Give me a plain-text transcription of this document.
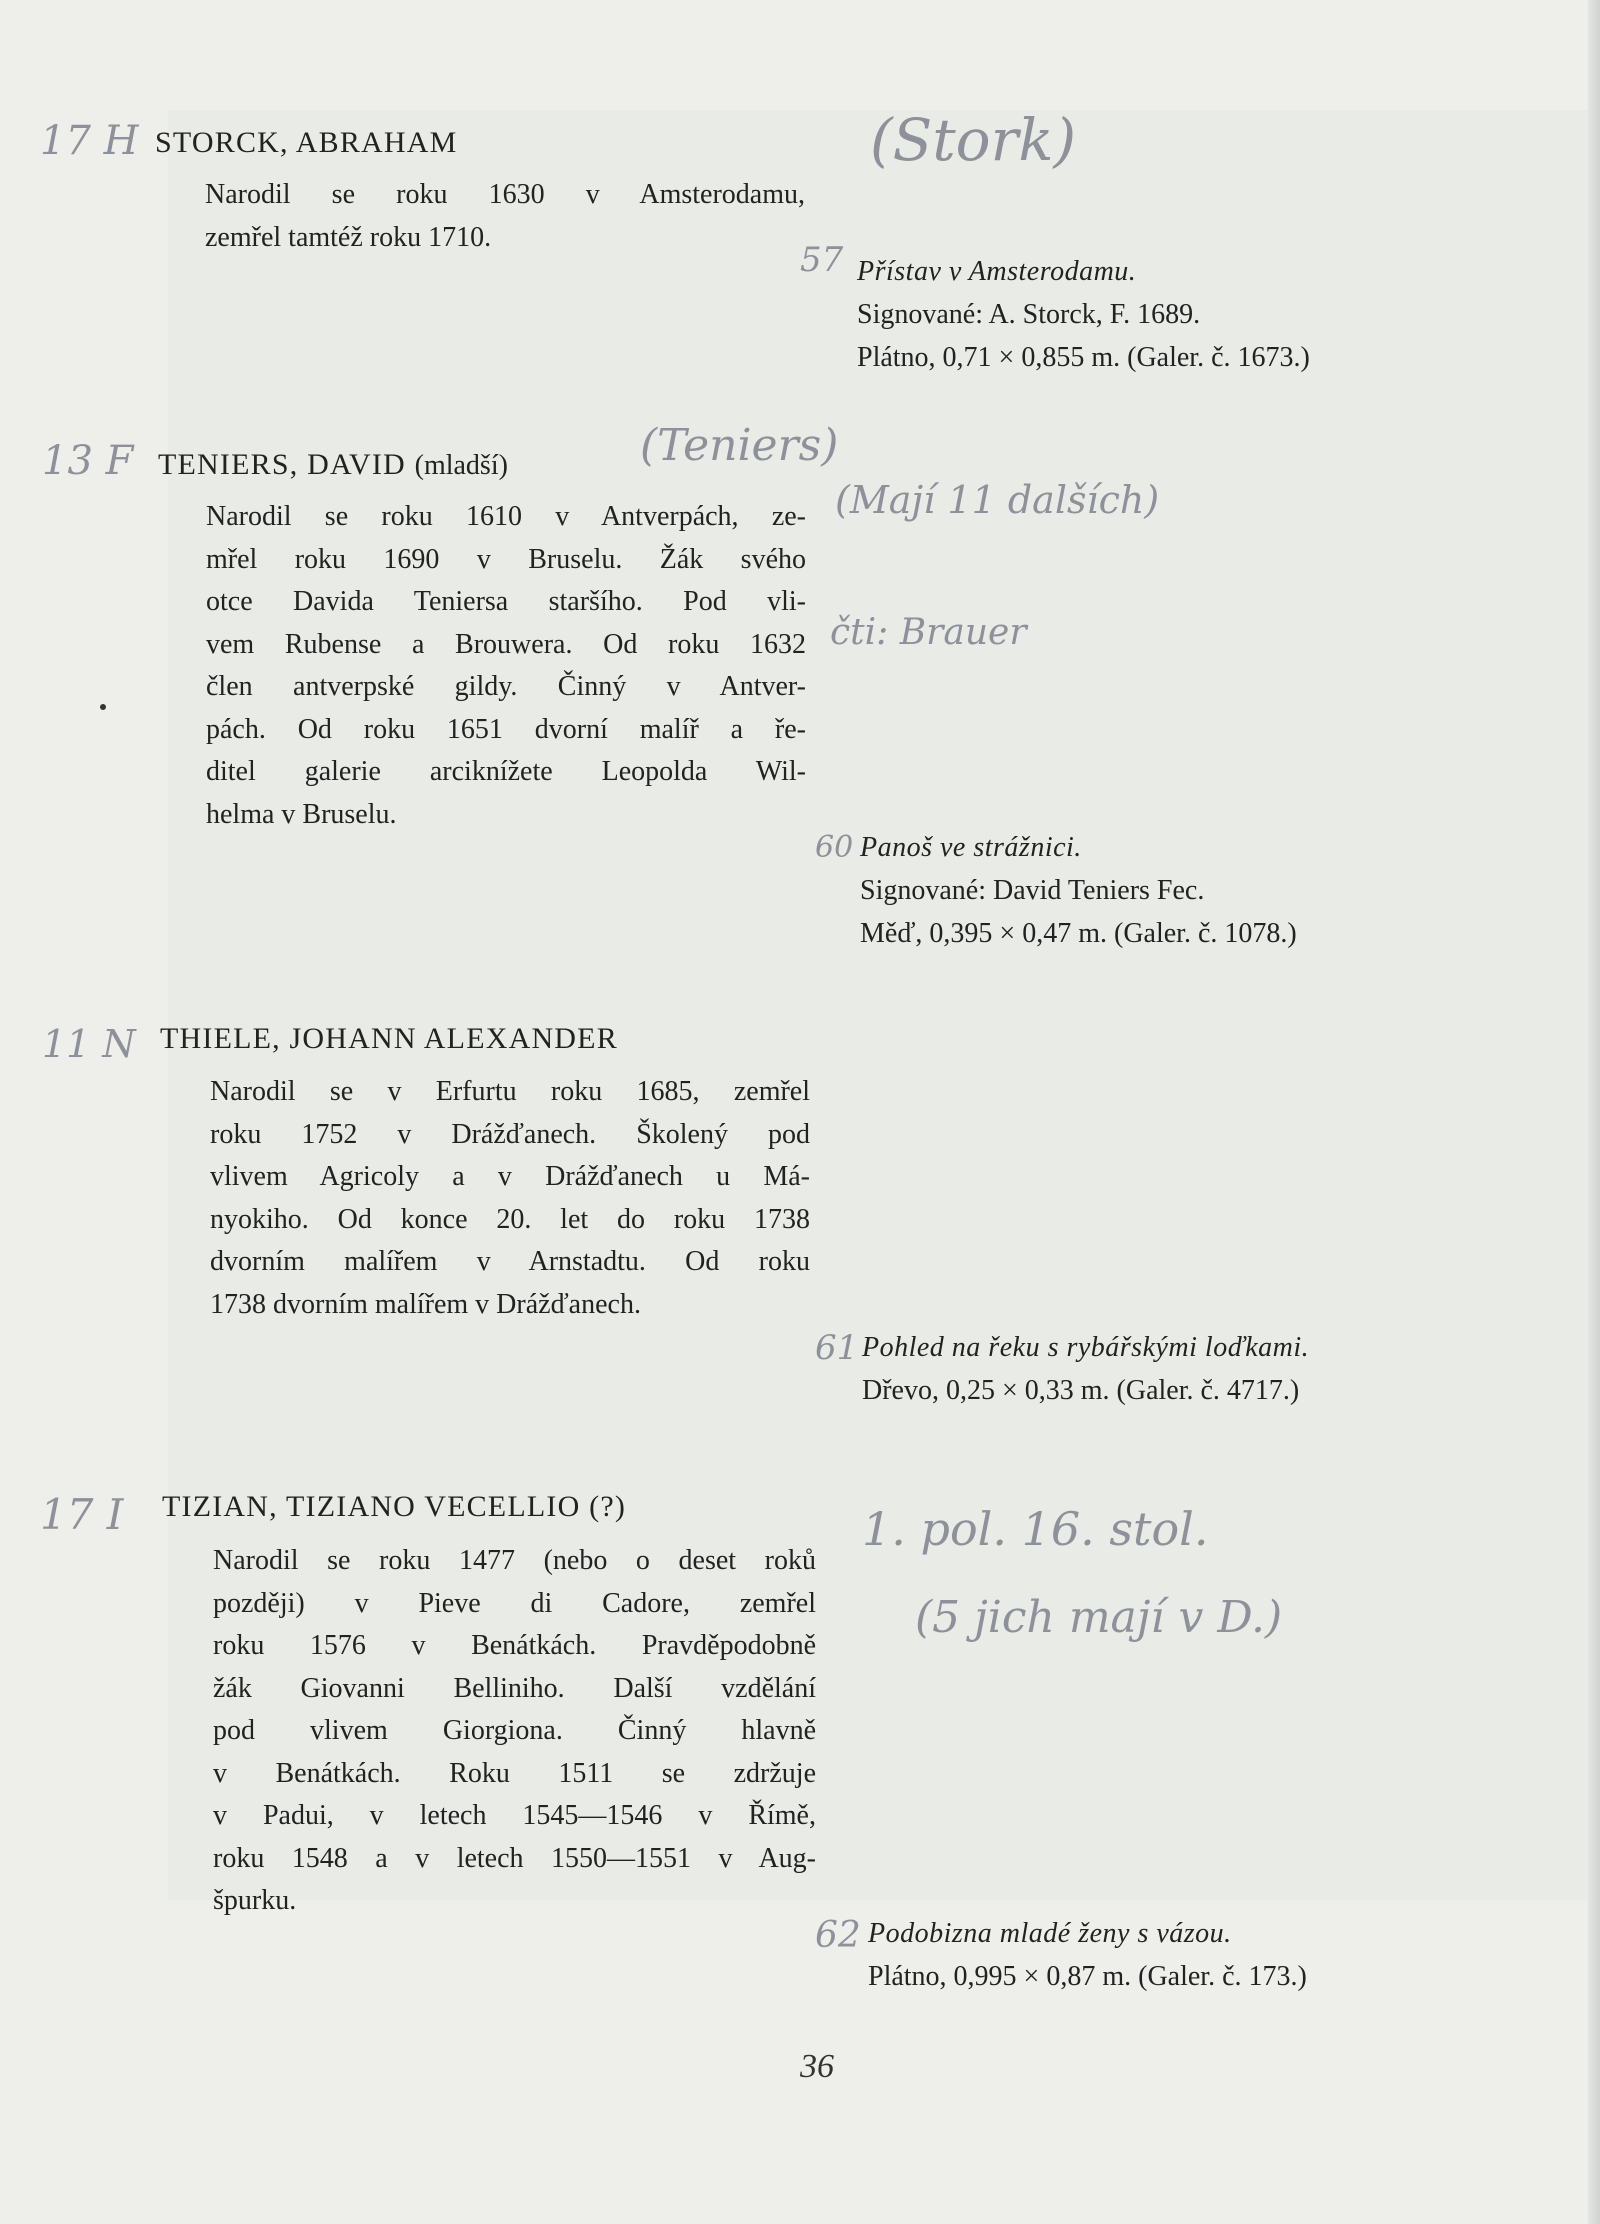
17 H STORCK, ABRAHAM	(Stork)
Narodil se roku 1630 v Amsterodamu,
zemřel tamtéž roku 1710.
57 Přístav v Amsterodamu.
Signované: A. Storck, F. 1689.
Plátno, 0,71 × 0,855 m. (Galer. č. 1673.)
13 F TENIERS, DAVID (mladší)	(Teniers)
(Mají 11 dalších)
Narodil se roku 1610 v Antverpách, ze-
mřel roku 1690 v Bruselu. Žák svého
otce Davida Teniersa staršího. Pod vli-
vem Rubense a Brouwera. Od roku 1632
člen antverpské gildy. Činný v Antver-
pách. Od roku 1651 dvorní malíř a ře-
ditel galerie arciknížete Leopolda Wil-
helma v Bruselu.
čti: Brauer
60 Panoš ve strážnici.
Signované: David Teniers Fec.
Měď, 0,395 × 0,47 m. (Galer. č. 1078.)
11 N THIELE, JOHANN ALEXANDER
Narodil se v Erfurtu roku 1685, zemřel
roku 1752 v Drážďanech. Školený pod
vlivem Agricoly a v Drážďanech u Má-
nyokiho. Od konce 20. let do roku 1738
dvorním malířem v Arnstadtu. Od roku
1738 dvorním malířem v Drážďanech.
61 Pohled na řeku s rybářskými loďkami.
Dřevo, 0,25 × 0,33 m. (Galer. č. 4717.)
17 I TIZIAN, TIZIANO VECELLIO (?)	1. pol. 16. stol.
(5 jich mají v D.)
Narodil se roku 1477 (nebo o deset roků
později) v Pieve di Cadore, zemřel
roku 1576 v Benátkách. Pravděpodobně
žák Giovanni Belliniho. Další vzdělání
pod vlivem Giorgiona. Činný hlavně
v Benátkách. Roku 1511 se zdržuje
v Padui, v letech 1545—1546 v Římě,
roku 1548 a v letech 1550—1551 v Aug-
špurku.
62 Podobizna mladé ženy s vázou.
Plátno, 0,995 × 0,87 m. (Galer. č. 173.)
36
